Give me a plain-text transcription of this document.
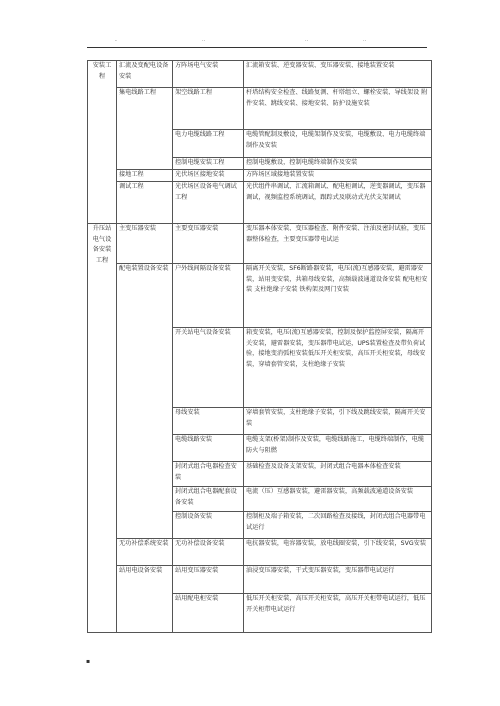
-	··	··	··
安装工程	汇流及变配电设备安装	方阵场电气安装	汇流箱安装、逆变器安装、变压器安装、接地装置安装
	集电线路工程	架空线路工程	杆塔结构安全检查、线路复测、杆塔组立、螺栓安装、导线架设 附件安装、跳线安装、接地安装、防护设施安装
		电力电缆线路工程	电缆管配制及敷设，电缆架制作及安装，电缆敷设、电力电缆终端制作及安装
		控制电缆安装工程	控制电缆敷设，控制电缆终端制作及安装
	接地工程	光伏场区接地安装	方阵场区域接地装置安装
	调试工程	光伏场区设备电气调试工程	光伏组件串调试、汇流箱调试、配电柜调试，逆变器调试，变压器调试，视频监控系统调试，跟踪式及联动式光伏支架调试
升压站电气设备安装工程	主变压器安装	主要变压器安装	变压器本体安装、变压器检查、附件安装、注油及密封试验，变压器整体检查，主要变压器带电试运
	配电装置设备安装	户外线间隔设备安装	隔离开关安装，SF6断路器安装，电压(流)互感器安装，避雷器安装，站用变安装，共箱母线安装，高频载波通道设备安装 配电柜安装 支柱绝缘子安装 铁构架及网门安装
		开关站电气设备安装	箱变安装，电压(流)互感器安装，控制及保护监控屏安装，隔离开关安装，避雷器安装，变压器带电试运，UPS装置检查及带负荷试验，接地变消弧柜安装低压开关柜安装，高压开关柜安装，母线安装，穿墙套管安装，支柱绝缘子安装
		母线安装	穿墙套管安装，支柱绝缘子安装，引下线及跳线安装，隔离开关安装
		电缆线路安装	电缆支架(桥架)制作及安装，电缆线路施工，电缆终端制作，电缆防火与阻燃
		封闭式组合电器检查安装	基础检查及设备支架安装，封闭式组合电器本体检查安装
		封闭式组合电器配套设备安装	电流（压）互感器安装，避雷器安装，高频载波通道设备安装
		控制设备安装	控制柜及端子箱安装，二次回路检查及接线，封闭式组合电器带电试运行
	无功补偿系统安装	无功补偿设备安装	电抗器安装，电容器安装，放电线圈安装，引下线安装，SVG安装
	站用电设备安装	站用变压器安装	油浸变压器安装，干式变压器安装，变压器带电试运行
		站用配电柜安装	低压开关柜安装，高压开关柜安装，高压开关柜带电试运行，低压开关柜带电试运行
▪
